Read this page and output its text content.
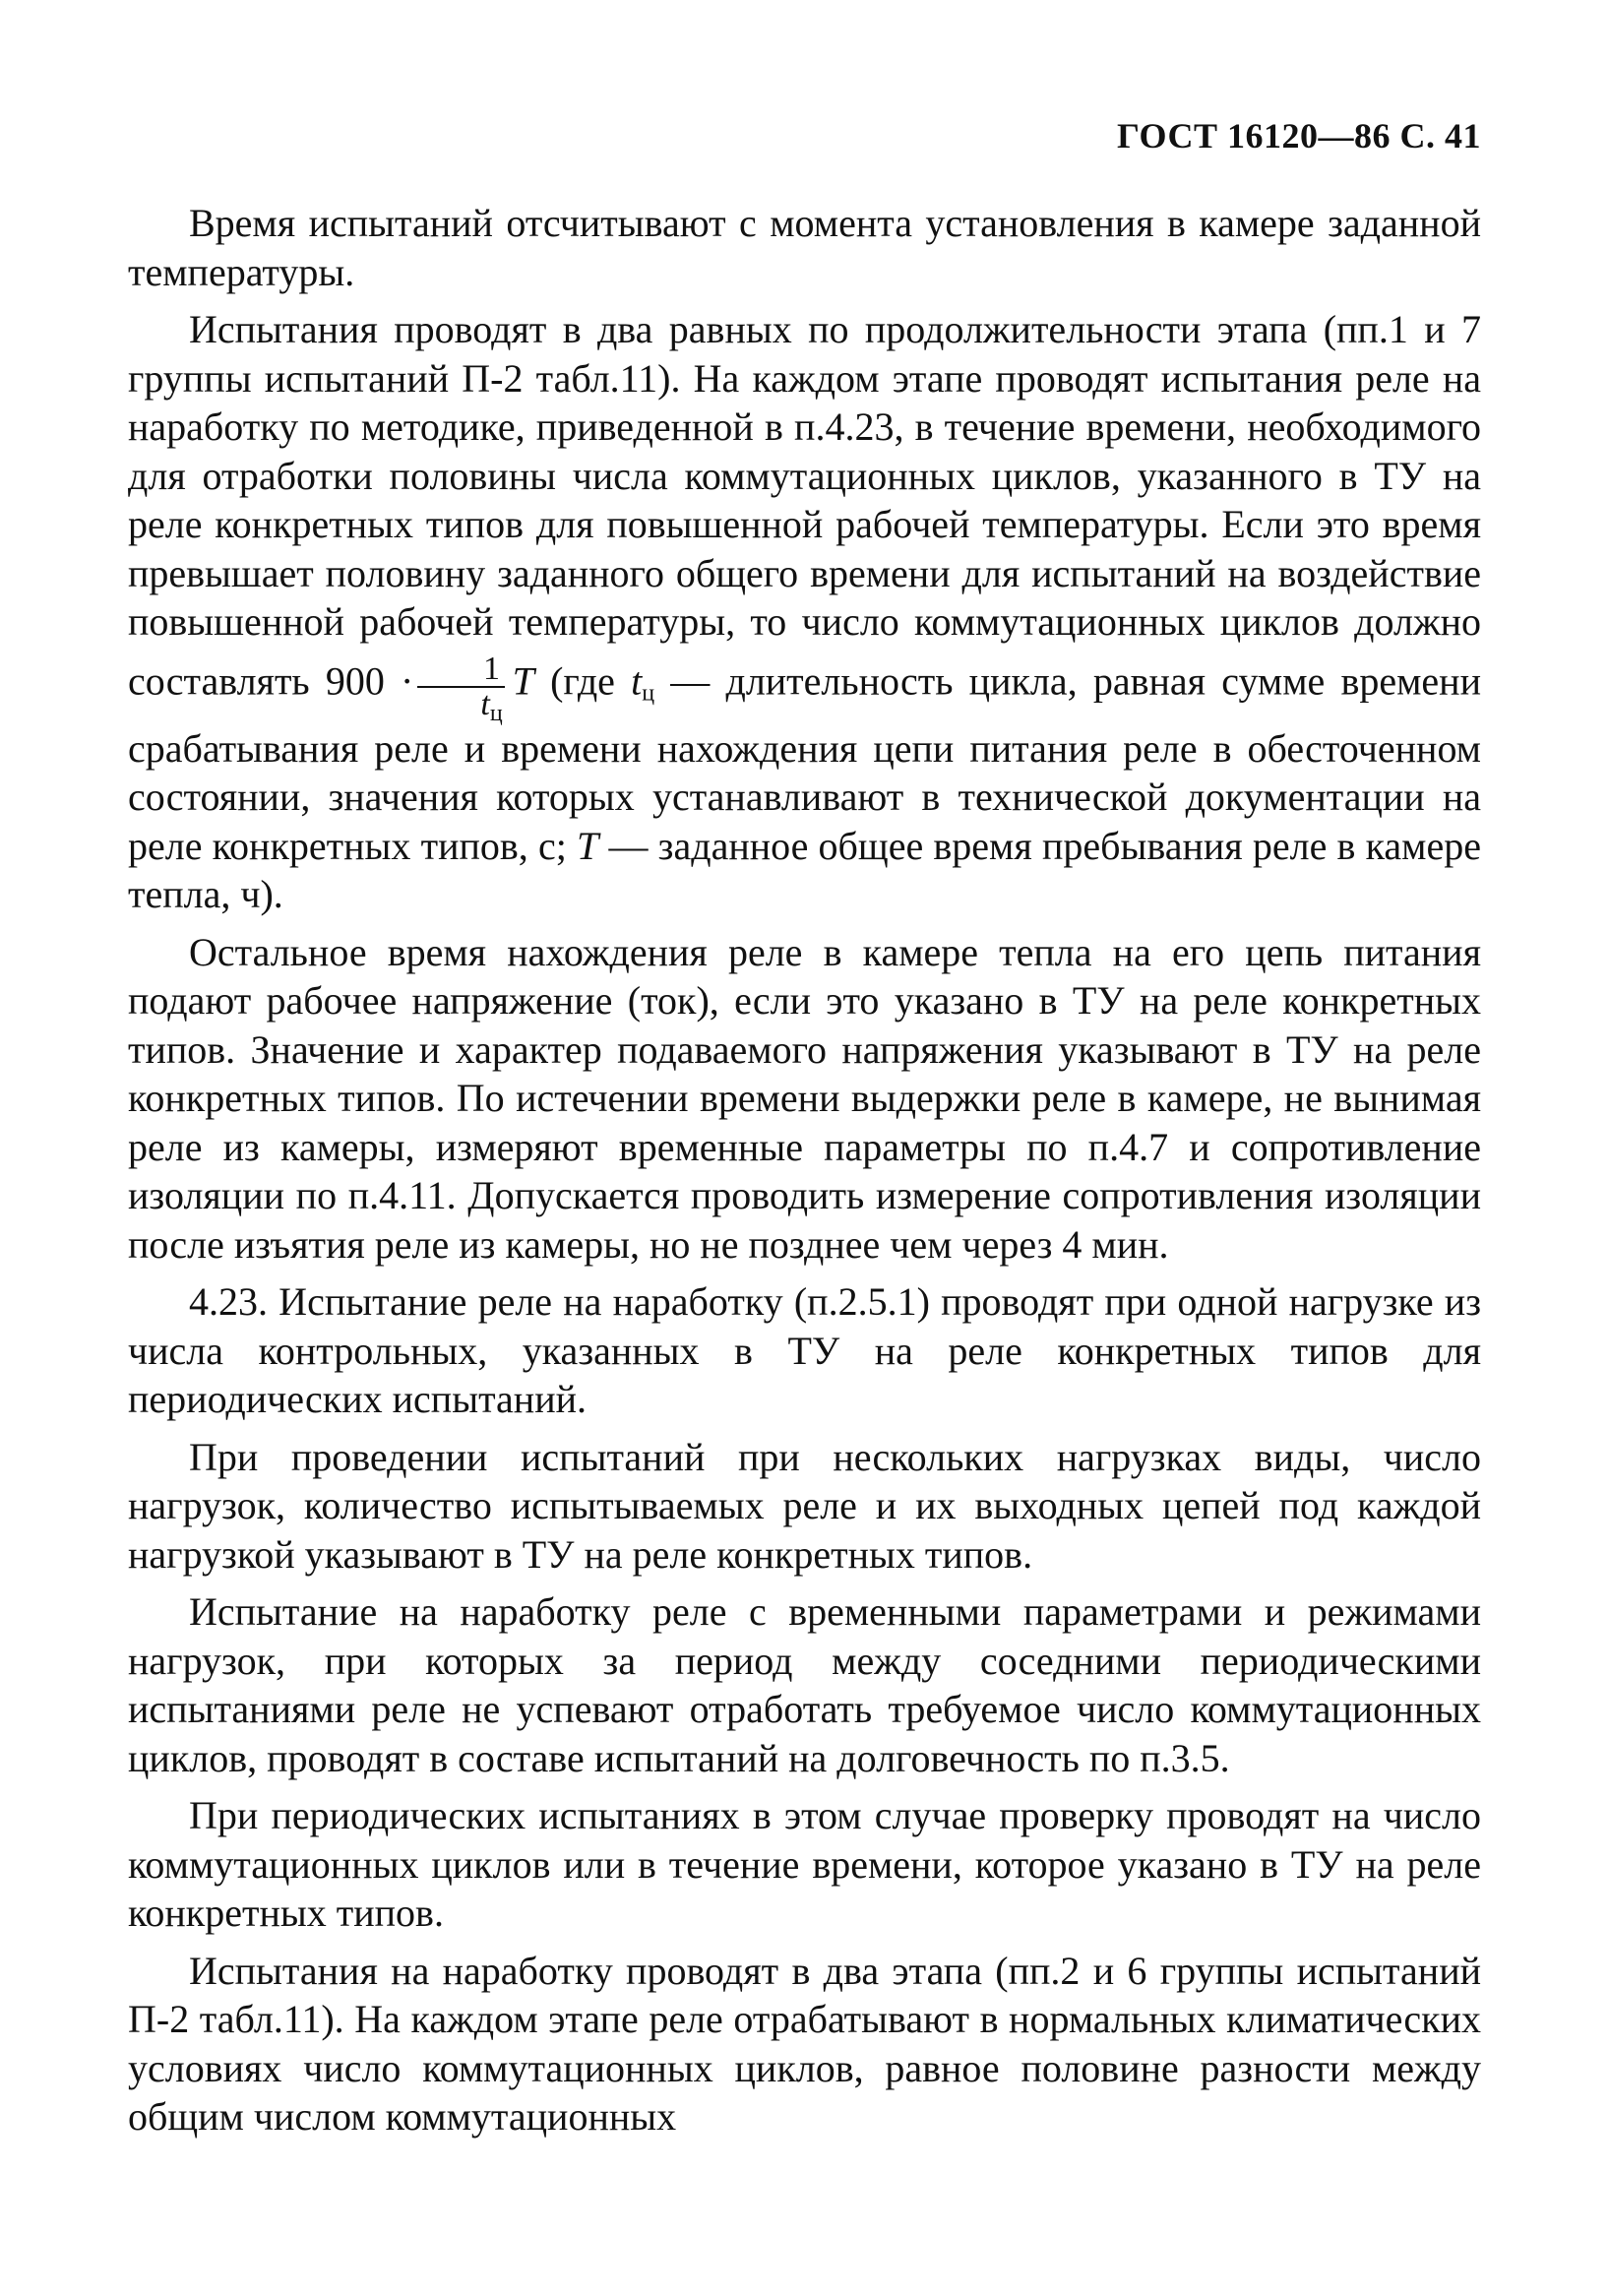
ГОСТ 16120—86 С. 41

Время испытаний отсчитывают с момента установления в камере заданной температуры.

Испытания проводят в два равных по продолжительности этапа (пп.1 и 7 группы испытаний П-2 табл.11). На каждом этапе проводят испытания реле на наработку по методике, приведенной в п.4.23, в течение времени, необходимого для отработки половины числа коммутационных циклов, указанного в ТУ на реле конкретных типов для повышенной рабочей температуры. Если это время превышает половину заданного общего времени для испытаний на воздействие повышенной рабочей температуры, то число коммутационных циклов должно составлять $900 \cdot \frac{1}{t_ц}$ T (где $t_ц$ — длительность цикла, равная сумме времени срабатывания реле и времени нахождения цепи питания реле в обесточенном состоянии, значения которых устанавливают в технической документации на реле конкретных типов, с; T — заданное общее время пребывания реле в камере тепла, ч).

Остальное время нахождения реле в камере тепла на его цепь питания подают рабочее напряжение (ток), если это указано в ТУ на реле конкретных типов. Значение и характер подаваемого напряжения указывают в ТУ на реле конкретных типов. По истечении времени выдержки реле в камере, не вынимая реле из камеры, измеряют временные параметры по п.4.7 и сопротивление изоляции по п.4.11. Допускается проводить измерение сопротивления изоляции после изъятия реле из камеры, но не позднее чем через 4 мин.

4.23. Испытание реле на наработку (п.2.5.1) проводят при одной нагрузке из числа контрольных, указанных в ТУ на реле конкретных типов для периодических испытаний.

При проведении испытаний при нескольких нагрузках виды, число нагрузок, количество испытываемых реле и их выходных цепей под каждой нагрузкой указывают в ТУ на реле конкретных типов.

Испытание на наработку реле с временными параметрами и режимами нагрузок, при которых за период между соседними периодическими испытаниями реле не успевают отработать требуемое число коммутационных циклов, проводят в составе испытаний на долговечность по п.3.5.

При периодических испытаниях в этом случае проверку проводят на число коммутационных циклов или в течение времени, которое указано в ТУ на реле конкретных типов.

Испытания на наработку проводят в два этапа (пп.2 и 6 группы испытаний П-2 табл.11). На каждом этапе реле отрабатывают в нормальных климатических условиях число коммутационных циклов, равное половине разности между общим числом коммутационных
